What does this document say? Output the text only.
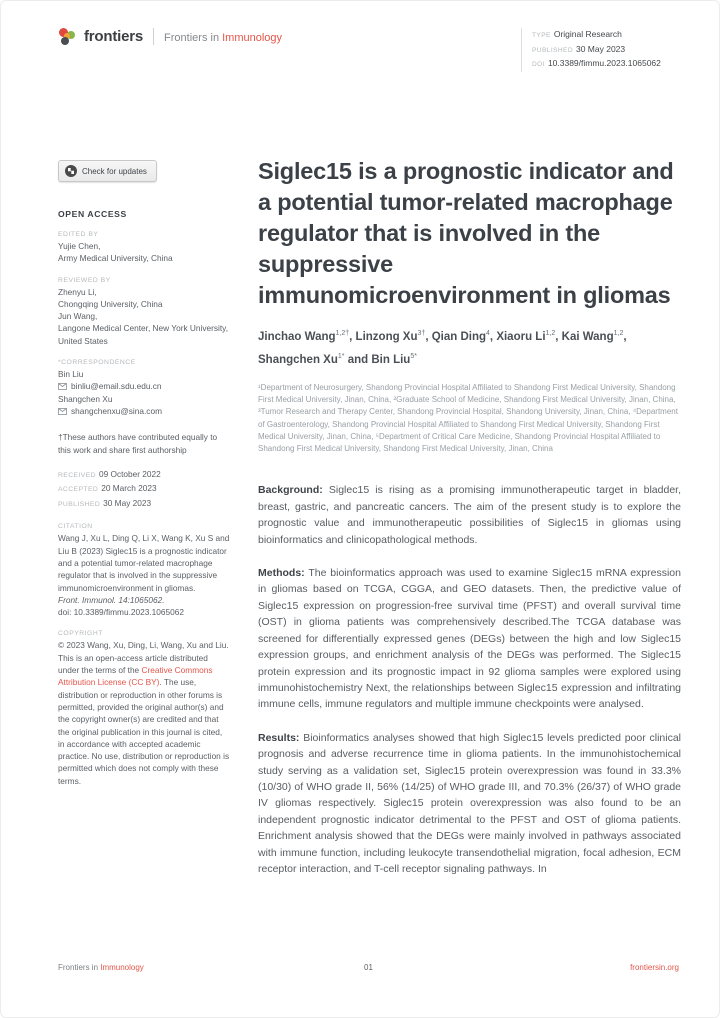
frontiers Frontiers in Immunology	TYPE Original Research
PUBLISHED 30 May 2023
DOI 10.3389/fimmu.2023.1065062
Check for updates
OPEN ACCESS
EDITED BY
Yujie Chen,
Army Medical University, China
REVIEWED BY
Zhenyu Li,
Chongqing University, China
Jun Wang,
Langone Medical Center, New York University, United States
*CORRESPONDENCE
Bin Liu
binliu@email.sdu.edu.cn
Shangchen Xu
shangchenxu@sina.com
†These authors have contributed equally to this work and share first authorship
RECEIVED 09 October 2022
ACCEPTED 20 March 2023
PUBLISHED 30 May 2023
CITATION
Wang J, Xu L, Ding Q, Li X, Wang K, Xu S and Liu B (2023) Siglec15 is a prognostic indicator and a potential tumor-related macrophage regulator that is involved in the suppressive immunomicroenvironment in gliomas.
Front. Immunol. 14:1065062.
doi: 10.3389/fimmu.2023.1065062
COPYRIGHT
© 2023 Wang, Xu, Ding, Li, Wang, Xu and Liu. This is an open-access article distributed under the terms of the Creative Commons Attribution License (CC BY). The use, distribution or reproduction in other forums is permitted, provided the original author(s) and the copyright owner(s) are credited and that the original publication in this journal is cited, in accordance with accepted academic practice. No use, distribution or reproduction is permitted which does not comply with these terms.
Siglec15 is a prognostic indicator and a potential tumor-related macrophage regulator that is involved in the suppressive immunomicroenvironment in gliomas
Jinchao Wang$^{1,2\dagger}$, Linzong $Xu^{3\dagger}$, Qian Ding$^4$, Xiaoru Li$^{1,2}$, Kai Wang$^{1,2}$, Shangchen $Xu^{1*}$ and Bin Liu$^{5*}$
¹Department of Neurosurgery, Shandong Provincial Hospital Affiliated to Shandong First Medical University, Shandong First Medical University, Jinan, China, ²Graduate School of Medicine, Shandong First Medical University, Jinan, China, ³Tumor Research and Therapy Center, Shandong Provincial Hospital, Shandong University, Jinan, China, ⁴Department of Gastroenterology, Shandong Provincial Hospital Affiliated to Shandong First Medical University, Shandong First Medical University, Jinan, China, ⁵Department of Critical Care Medicine, Shandong Provincial Hospital Affiliated to Shandong First Medical University, Shandong First Medical University, Jinan, China

Background: Siglec15 is rising as a promising immunotherapeutic target in bladder, breast, gastric, and pancreatic cancers. The aim of the present study is to explore the prognostic value and immunotherapeutic possibilities of Siglec15 in gliomas using bioinformatics and clinicopathological methods.

Methods: The bioinformatics approach was used to examine Siglec15 mRNA expression in gliomas based on TCGA, CGGA, and GEO datasets. Then, the predictive value of Siglec15 expression on progression-free survival time (PFST) and overall survival time (OST) in glioma patients was comprehensively described.The TCGA database was screened for differentially expressed genes (DEGs) between the high and low Siglec15 expression groups, and enrichment analysis of the DEGs was performed. The Siglec15 protein expression and its prognostic impact in 92 glioma samples were explored using immunohistochemistry Next, the relationships between Siglec15 expression and infiltrating immune cells, immune regulators and multiple immune checkpoints were analysed.

Results: Bioinformatics analyses showed that high Siglec15 levels predicted poor clinical prognosis and adverse recurrence time in glioma patients. In the immunohistochemical study serving as a validation set, Siglec15 protein overexpression was found in 33.3% (10/30) of WHO grade II, 56% (14/25) of WHO grade III, and 70.3% (26/37) of WHO grade IV gliomas respectively. Siglec15 protein overexpression was also found to be an independent prognostic indicator detrimental to the PFST and OST of glioma patients. Enrichment analysis showed that the DEGs were mainly involved in pathways associated with immune function, including leukocyte transendothelial migration, focal adhesion, ECM receptor interaction, and T-cell receptor signaling pathways. In

Frontiers in Immunology	01	frontiersin.org
